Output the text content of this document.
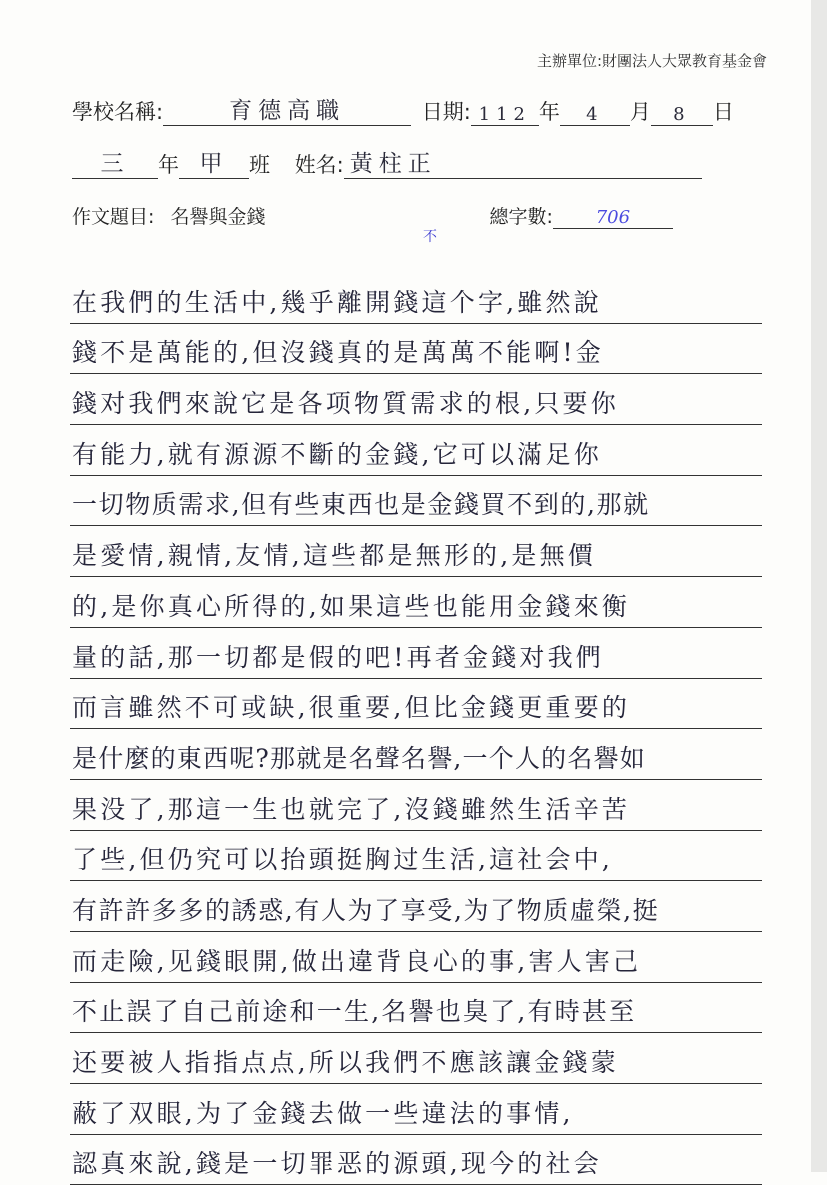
主辦單位:財團法人大眾教育基金會
學校名稱:	育德高職	日期: 112 年 4 月 8 日
三 年 甲 班 姓名: 黃柱正
作文題目: 名譽與金錢	總字數: 706
不
在我們的生活中,幾乎離開錢這个字,雖然說
錢不是萬能的,但沒錢真的是萬萬不能啊!金
錢对我們來說它是各项物質需求的根,只要你
有能力,就有源源不斷的金錢,它可以滿足你
一切物质需求,但有些東西也是金錢買不到的,那就
是愛情,親情,友情,這些都是無形的,是無價
的,是你真心所得的,如果這些也能用金錢來衡
量的話,那一切都是假的吧!再者金錢对我們
而言雖然不可或缺,很重要,但比金錢更重要的
是什麼的東西呢?那就是名聲名譽,一个人的名譽如
果没了,那這一生也就完了,沒錢雖然生活辛苦
了些,但仍究可以抬頭挺胸过生活,這社会中,
有許許多多的誘惑,有人为了享受,为了物质虛榮,挺
而走險,见錢眼開,做出違背良心的事,害人害己
不止誤了自己前途和一生,名譽也臭了,有時甚至
还要被人指指点点,所以我們不應該讓金錢蒙
蔽了双眼,为了金錢去做一些違法的事情,
認真來說,錢是一切罪恶的源頭,现今的社会
